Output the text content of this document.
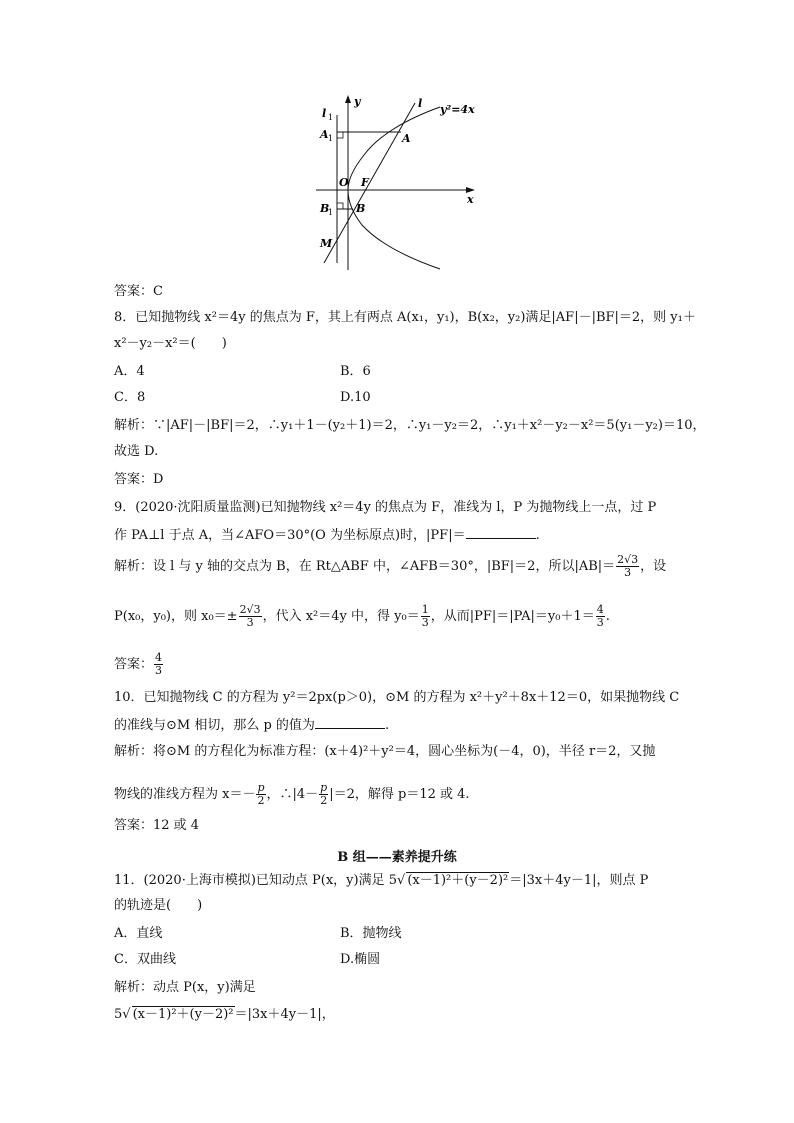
y
x
l y²=4x
l 1
A 1	A
O F
B
1 B
M
答案：C
8．已知抛物线 x²＝4y 的焦点为 F，其上有两点 A(x₁，y₁)，B(x₂，y₂)满足|AF|－|BF|＝2，则 y₁＋
x²－y₂－x²＝(　　)
A．4	B．6
C．8	D.10
解析：∵|AF|－|BF|＝2，∴y₁＋1－(y₂＋1)＝2，∴y₁－y₂＝2，∴y₁＋x²－y₂－x²＝5(y₁－y₂)＝10，
故选 D.
答案：D
9．(2020·沈阳质量监测)已知抛物线 x²＝4y 的焦点为 F，准线为 l，P 为抛物线上一点，过 P
作 PA⊥l 于点 A，当∠AFO＝30°(O 为坐标原点)时，|PF|＝	.
解析：设 l 与 y 轴的交点为 B，在 Rt△ABF 中，∠AFB＝30°，|BF|＝2，所以$|AB|= \frac{2√3}{3}$ ，设
P(x₀，y₀)，则 $x_0=\pm \frac{2√3}{3}$ ，代入 x²＝4y 中，得 $y_0= \frac{1}{3}$ ，从而$|PF|=|PA|=y_0+1= \frac{4}{3}$ .
答案： $\frac{4}{3}$
10．已知抛物线 C 的方程为 y²＝2px(p＞0)，⊙M 的方程为 x²＋y²＋8x＋12＝0，如果抛物线 C
的准线与⊙M 相切，那么 p 的值为	.
解析：将⊙M 的方程化为标准方程：(x＋4)²＋y²＝4，圆心坐标为(－4，0)，半径 r＝2，又抛
物线的准线方程为 $x=- \frac{p}{2}$ ，∴|4－ $\frac{p}{2} |=2$，解得 p＝12 或 4.
答案：12 或 4
B 组——素养提升练
11．(2020·上海市模拟)已知动点 P(x，y)满足 5√ (x－1)²＋(y－2)²＝|3x＋4y－1|，则点 P
的轨迹是(　　)
A．直线	B．抛物线
C．双曲线	D.椭圆
解析：动点 P(x，y)满足
5√ (x－1)²＋(y－2)²＝|3x＋4y－1|，
